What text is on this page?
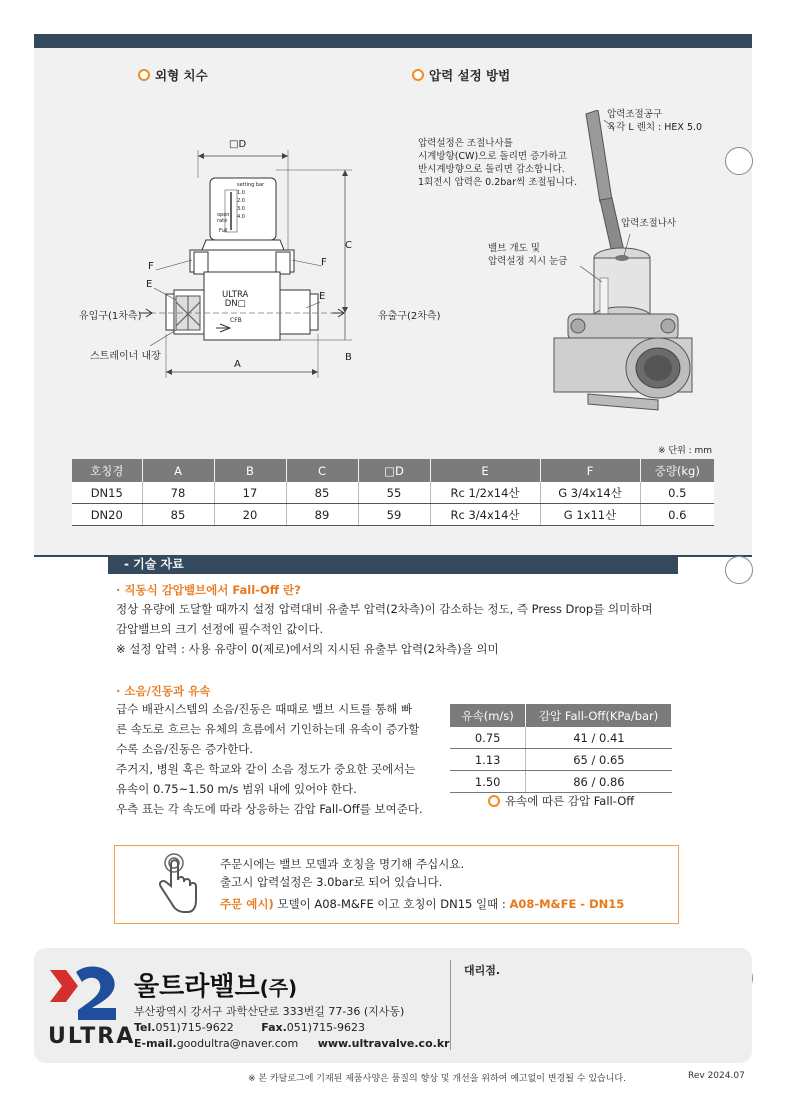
외형 치수	압력 설정 방법
□D
C
B
A
F
E
F
E
유입구(1차측)	유출구(2차측)
스트레이너 내장
ULTRA
DN□
CFB
setting bar
1.0
2.0
3.0
4.0
open rate
Full
압력조절공구
육각 L 렌치 : HEX 5.0
압력설정은 조절나사를
시계방향(CW)으로 돌리면 증가하고
반시계방향으로 돌리면 감소합니다.
1회전시 압력은 0.2bar씩 조절됩니다.
압력조절나사
밸브 개도 및
압력설정 지시 눈금
※ 단위 : mm
호칭경	A	B	C	□D	E	F	중량(kg)
DN15	78	17	85	55	Rc 1/2x14산	G 3/4x14산	0.5
DN20	85	20	89	59	Rc 3/4x14산	G 1x11산	0.6
- 기술 자료
· 직동식 감압밸브에서 Fall-Off 란?
정상 유량에 도달할 때까지 설정 압력대비 유출부 압력(2차측)이 감소하는 정도, 즉 Press Drop를 의미하며
감압밸브의 크기 선정에 필수적인 값이다.
※ 설정 압력 : 사용 유량이 0(제로)에서의 지시된 유출부 압력(2차측)을 의미
· 소음/진동과 유속
급수 배관시스템의 소음/진동은 때때로 밸브 시트를 통해 빠
른 속도로 흐르는 유체의 흐름에서 기인하는데 유속이 증가할
수록 소음/진동은 증가한다.
주거지, 병원 혹은 학교와 같이 소음 정도가 중요한 곳에서는
유속이 0.75~1.50 m/s 범위 내에 있어야 한다.
우측 표는 각 속도에 따라 상응하는 감압 Fall-Off를 보여준다.
유속(m/s)	감압 Fall-Off(KPa/bar)
0.75	41 / 0.41
1.13	65 / 0.65
1.50	86 / 0.86
유속에 따른 감압 Fall-Off
주문시에는 밸브 모델과 호칭을 명기해 주십시요.
출고시 압력설정은 3.0bar로 되어 있습니다.
주문 예시) 모델이 A08-M&FE 이고 호칭이 DN15 일때 : A08-M&FE - DN15
ULTRA
울트라밸브(주)
부산광역시 강서구 과학산단로 333번길 77-36 (지사동)
Tel.051)715-9622	Fax.051)715-9623
E-mail.goodultra@naver.com www.ultravalve.co.kr
대리점.
※ 본 카달로그에 기재된 제품사양은 품질의 향상 및 개선을 위하여 예고없이 변경될 수 있습니다.	Rev 2024.07
